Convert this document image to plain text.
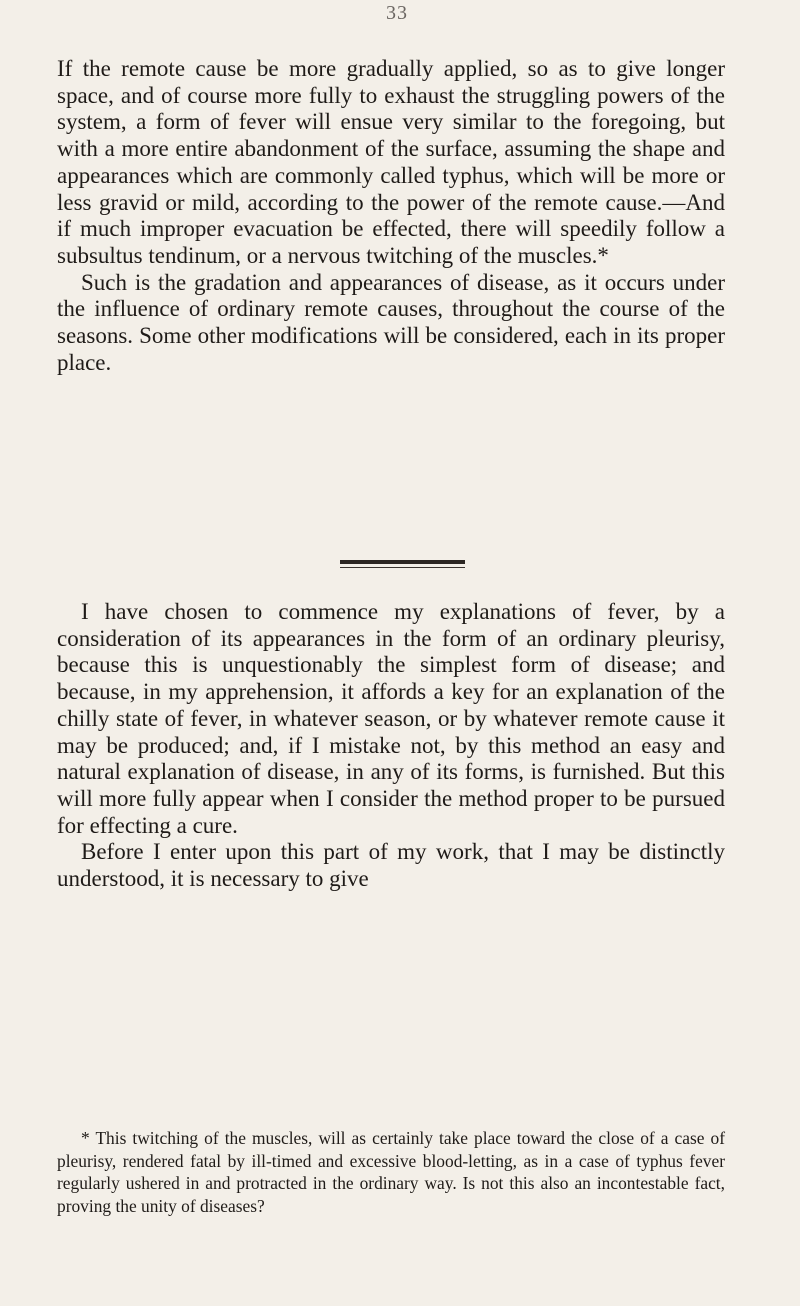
33

If the remote cause be more gradually applied, so as to give longer space, and of course more fully to exhaust the struggling powers of the system, a form of fever will ensue very similar to the foregoing, but with a more entire abandonment of the surface, assuming the shape and appearances which are commonly called typhus, which will be more or less gravid or mild, according to the power of the remote cause.—And if much improper evacuation be effected, there will speedily follow a subsultus tendinum, or a nervous twitching of the muscles.*

Such is the gradation and appearances of disease, as it occurs under the influence of ordinary remote causes, throughout the course of the seasons. Some other modifications will be considered, each in its proper place.

I have chosen to commence my explanations of fever, by a consideration of its appearances in the form of an ordinary pleurisy, because this is unquestionably the simplest form of disease; and because, in my apprehension, it affords a key for an explanation of the chilly state of fever, in whatever season, or by whatever remote cause it may be produced; and, if I mistake not, by this method an easy and natural explanation of disease, in any of its forms, is furnished. But this will more fully appear when I consider the method proper to be pursued for effecting a cure.

Before I enter upon this part of my work, that I may be distinctly understood, it is necessary to give

* This twitching of the muscles, will as certainly take place toward the close of a case of pleurisy, rendered fatal by ill-timed and excessive blood-letting, as in a case of typhus fever regularly ushered in and protracted in the ordinary way. Is not this also an incontestable fact, proving the unity of diseases?
